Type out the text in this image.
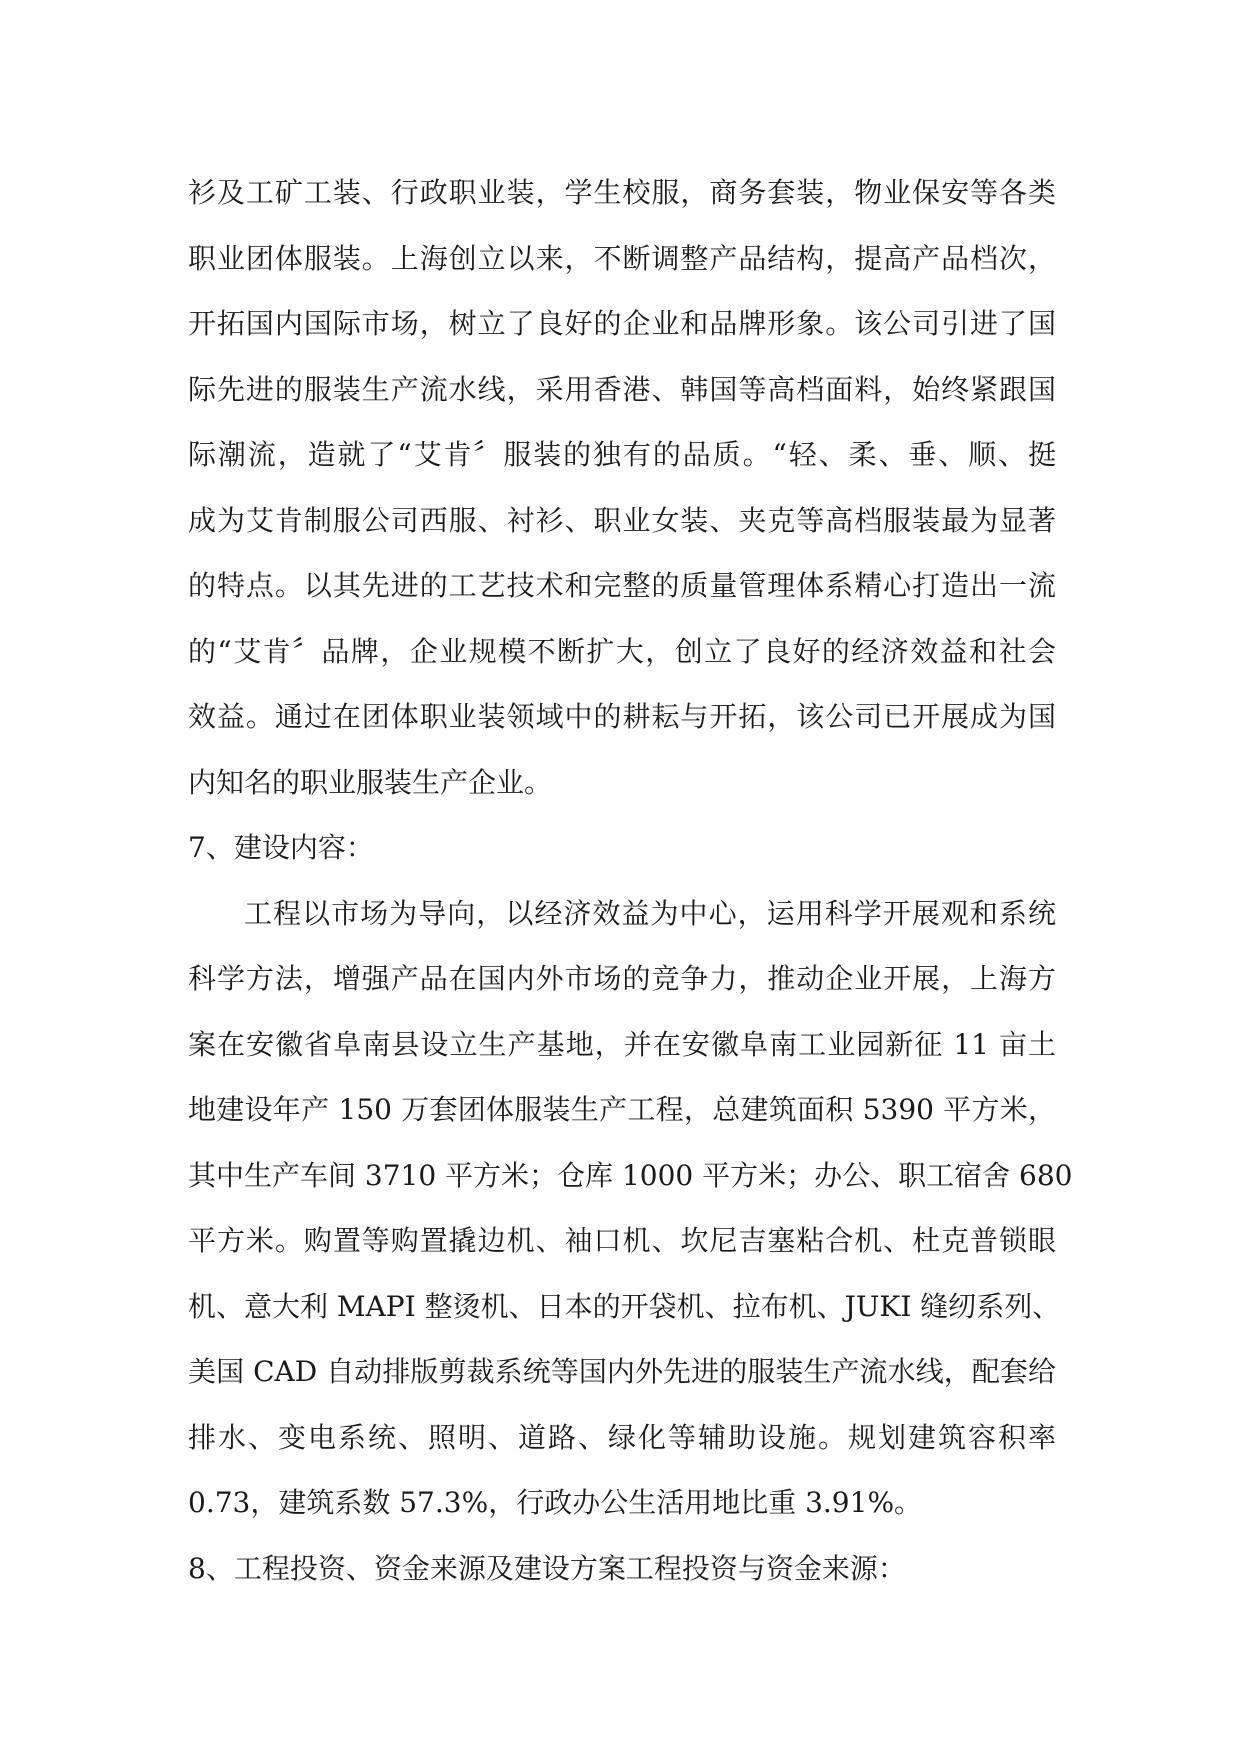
衫及工矿工装、行政职业装，学生校服，商务套装，物业保安等各类
职业团体服装。上海创立以来，不断调整产品结构，提高产品档次，
开拓国内国际市场，树立了良好的企业和品牌形象。该公司引进了国
际先进的服装生产流水线，采用香港、韩国等高档面料，始终紧跟国
际潮流，造就了“艾肯〞服装的独有的品质。“轻、柔、垂、顺、挺
成为艾肯制服公司西服、衬衫、职业女装、夹克等高档服装最为显著
的特点。以其先进的工艺技术和完整的质量管理体系精心打造出一流
的“艾肯〞品牌，企业规模不断扩大，创立了良好的经济效益和社会
效益。通过在团体职业装领域中的耕耘与开拓，该公司已开展成为国
内知名的职业服装生产企业。
7、建设内容：
工程以市场为导向，以经济效益为中心，运用科学开展观和系统
科学方法，增强产品在国内外市场的竞争力，推动企业开展，上海方
案在安徽省阜南县设立生产基地，并在安徽阜南工业园新征 11 亩土
地建设年产 150 万套团体服装生产工程，总建筑面积 5390 平方米，
其中生产车间 3710 平方米；仓库 1000 平方米；办公、职工宿舍 680
平方米。购置等购置撬边机、袖口机、坎尼吉塞粘合机、杜克普锁眼
机、意大利 MAPI 整烫机、日本的开袋机、拉布机、JUKI 缝纫系列、
美国 CAD 自动排版剪裁系统等国内外先进的服装生产流水线，配套给
排水、变电系统、照明、道路、绿化等辅助设施。规划建筑容积率
0.73，建筑系数 57.3%，行政办公生活用地比重 3.91%。
8、工程投资、资金来源及建设方案工程投资与资金来源：
